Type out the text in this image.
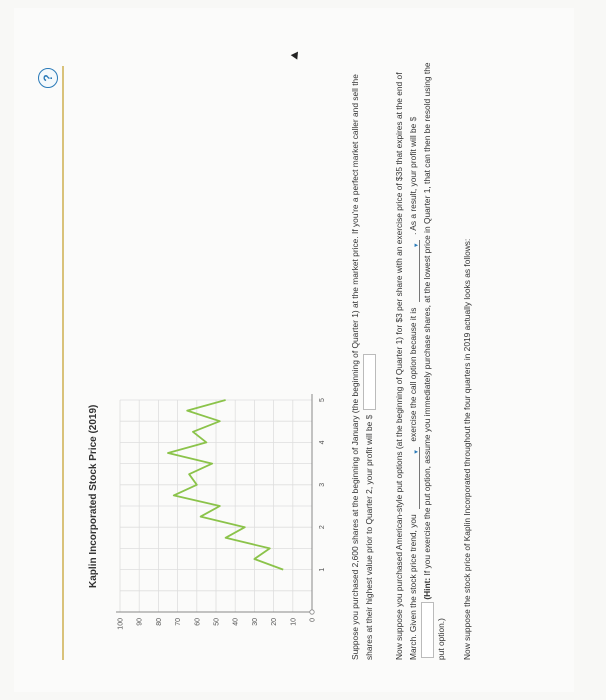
?
Kaplin Incorporated Stock Price (2019)
0
10
20
30
40
50
60
70
80
90
100
1
2
3
4
5	Suppose you purchased 2,600 shares at the beginning of January (the beginning of Quarter 1) at the market price. If you're a perfect market caller and sell the shares at their highest value prior to Quarter 2, your profit will be $ Now suppose you purchased American-style put options (at the beginning of Quarter 1) for $3 per share with an exercise price of $35 that expires at the end of March. Given the stock price trend, you
▼
exercise the call option because it is
▼
. As a result, your profit will be $  (Hint: If you exercise the put option, assume you immediately purchase shares, at the lowest price in Quarter 1, that can then be resold using the put option.) Now suppose the stock price of Kaplin Incorporated throughout the four quarters in 2019 actually looks as follows:
